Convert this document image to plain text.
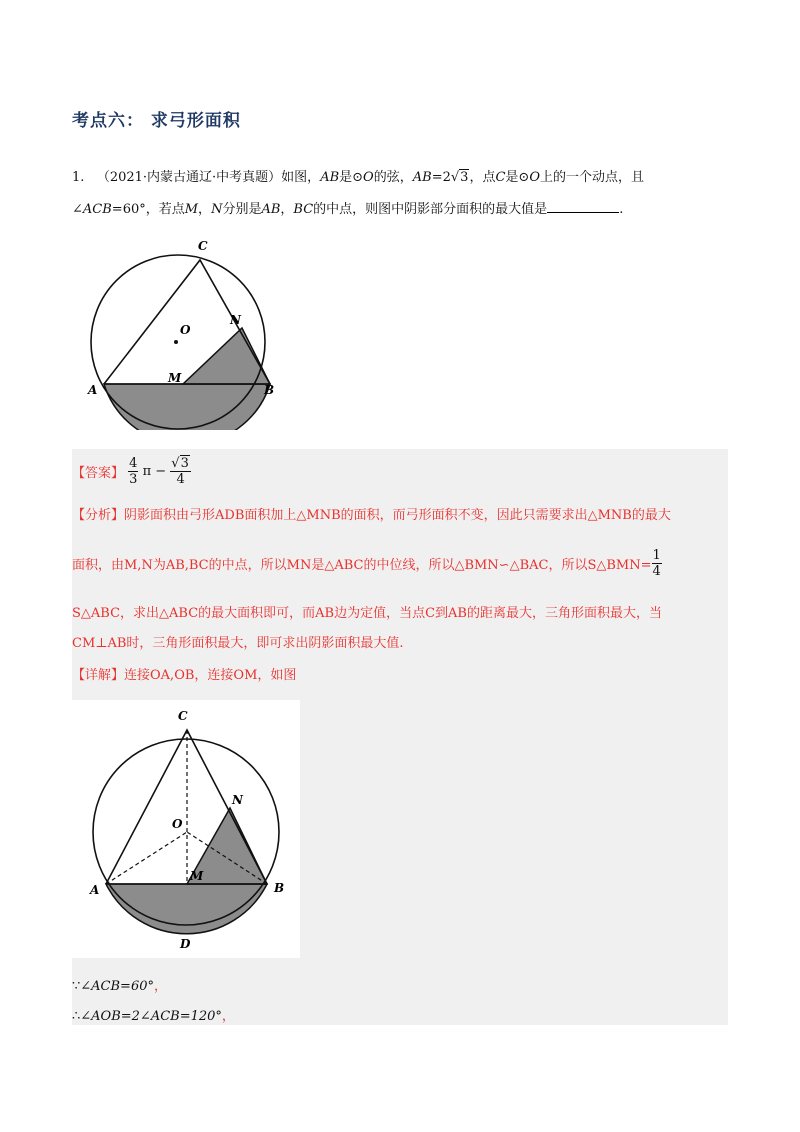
考点六： 求弓形面积
1. （2021·内蒙古通辽·中考真题）如图，AB是⊙O的弦，AB=2√3，点C是⊙O上的一个动点，且
∠ACB=60°，若点M，N分别是AB，BC的中点，则图中阴影部分面积的最大值是	.
C
O
N
M
A	B
【答案】 $\frac{4}{3}$ $\pi - \frac{√3}{4}$
【分析】阴影面积由弓形ADB面积加上△MNB的面积，而弓形面积不变，因此只需要求出△MNB的最大
面积，由M,N为AB,BC的中点，所以MN是△ABC的中位线，所以△BMN∽△BAC，所以S△BMN= $\frac{1}{4}$
S△ABC，求出△ABC的最大面积即可，而AB边为定值，当点C到AB的距离最大，三角形面积最大，当
CM⊥AB时，三角形面积最大，即可求出阴影面积最大值.
【详解】连接OA,OB，连接OM，如图
C
N
O
M
A	B
D
∵∠ACB=60°，
∴∠AOB=2∠ACB=120°，
